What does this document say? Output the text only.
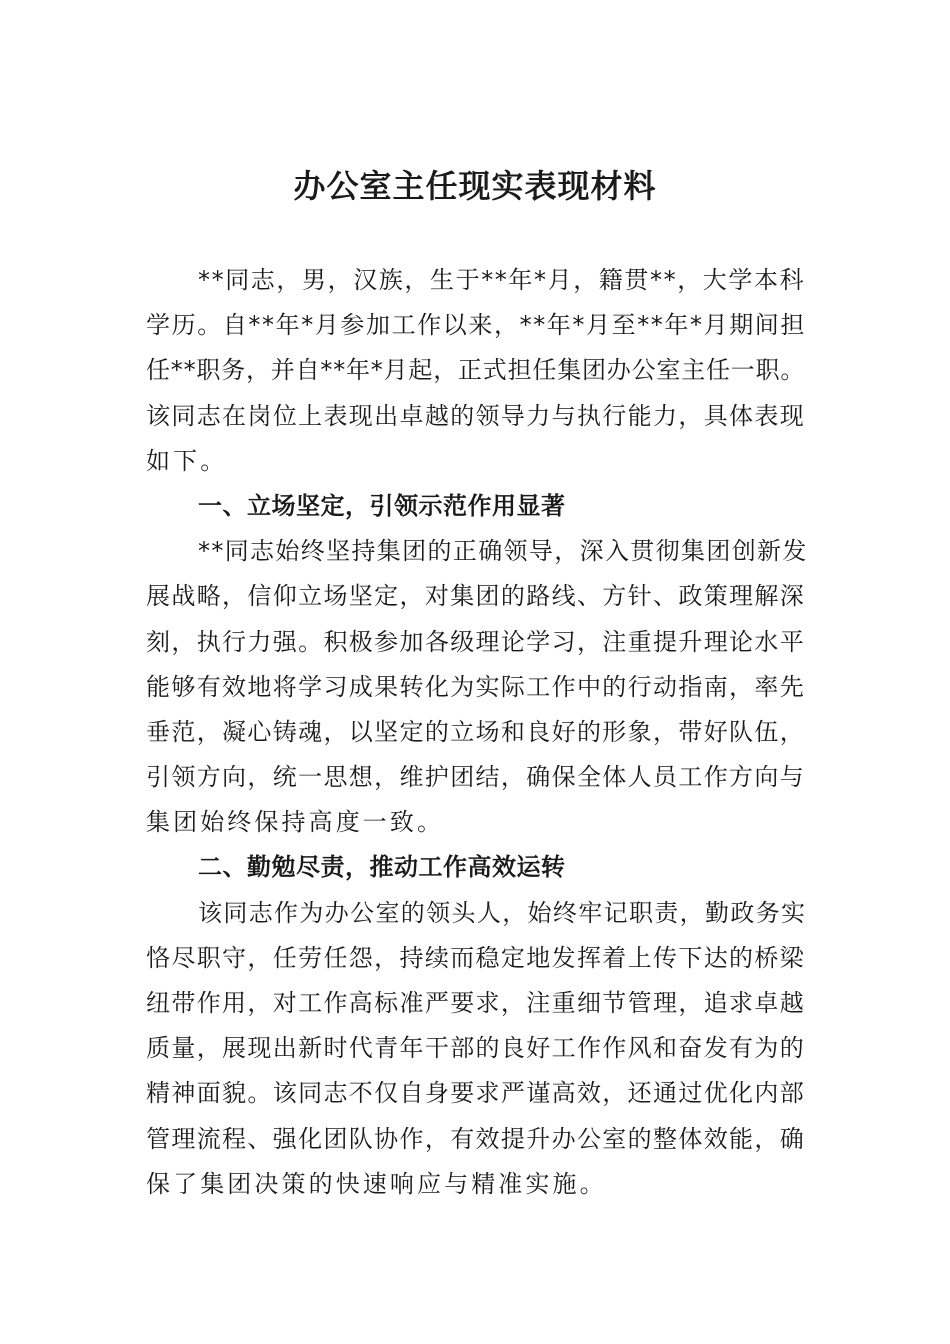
办公室主任现实表现材料
**同志，男，汉族，生于**年*月，籍贯**，大学本科
学历。自**年*月参加工作以来，**年*月至**年*月期间担
任**职务，并自**年*月起，正式担任集团办公室主任一职。
该同志在岗位上表现出卓越的领导力与执行能力，具体表现
如下。
一、立场坚定，引领示范作用显著
**同志始终坚持集团的正确领导，深入贯彻集团创新发
展战略，信仰立场坚定，对集团的路线、方针、政策理解深
刻，执行力强。积极参加各级理论学习，注重提升理论水平
能够有效地将学习成果转化为实际工作中的行动指南，率先
垂范，凝心铸魂，以坚定的立场和良好的形象，带好队伍，
引领方向，统一思想，维护团结，确保全体人员工作方向与
集团始终保持高度一致。
二、勤勉尽责，推动工作高效运转
该同志作为办公室的领头人，始终牢记职责，勤政务实
恪尽职守，任劳任怨，持续而稳定地发挥着上传下达的桥梁
纽带作用，对工作高标准严要求，注重细节管理，追求卓越
质量，展现出新时代青年干部的良好工作作风和奋发有为的
精神面貌。该同志不仅自身要求严谨高效，还通过优化内部
管理流程、强化团队协作，有效提升办公室的整体效能，确
保了集团决策的快速响应与精准实施。
